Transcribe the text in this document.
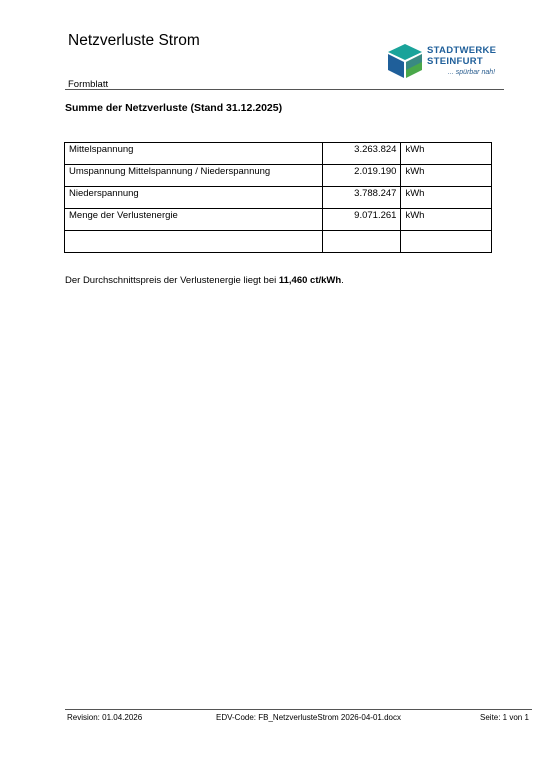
Netzverluste Strom
STADTWERKE
STEINFURT
... spürbar nah!
Formblatt
Summe der Netzverluste (Stand 31.12.2025)
Mittelspannung	3.263.824	kWh
Umspannung Mittelspannung / Niederspannung	2.019.190	kWh
Niederspannung	3.788.247	kWh
Menge der Verlustenergie	9.071.261	kWh

Der Durchschnittspreis der Verlustenergie liegt bei 11,460 ct/kWh.
Revision: 01.04.2026	EDV-Code: FB_NetzverlusteStrom 2026-04-01.docx	Seite: 1 von 1
